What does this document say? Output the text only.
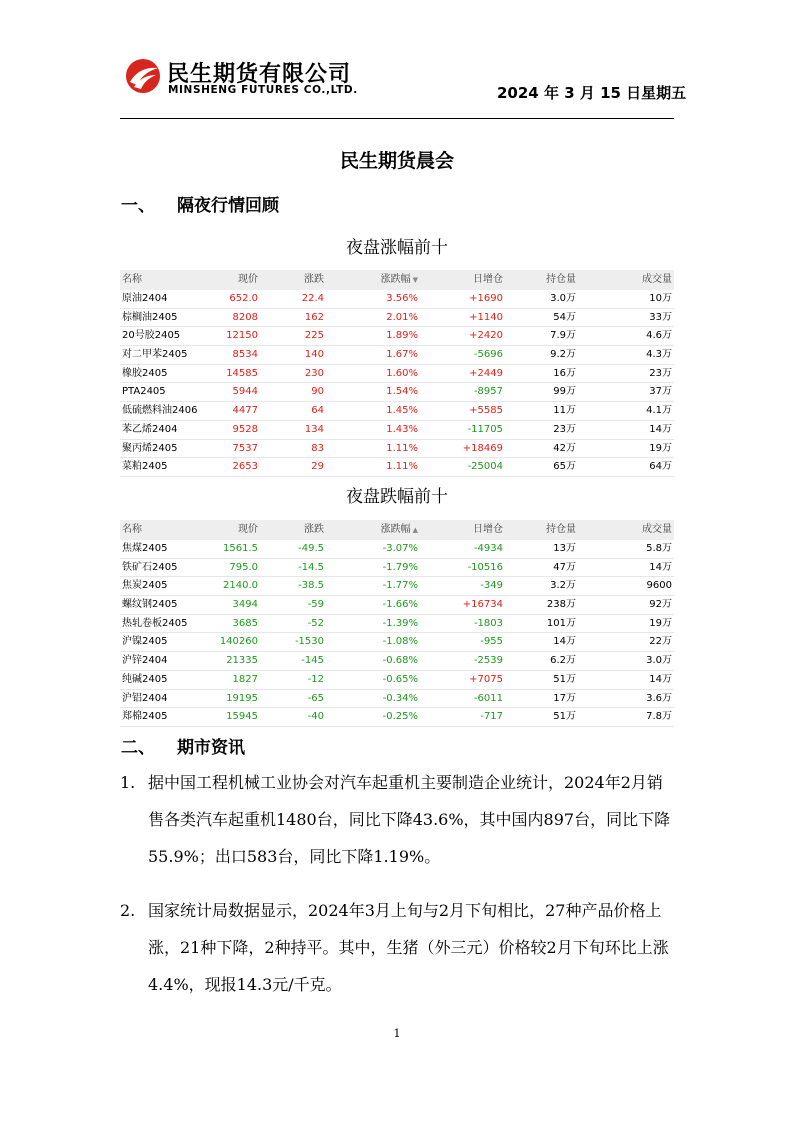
民生期货有限公司
MINSHENG FUTURES CO.,LTD.	2024 年 3 月 15 日星期五
民生期货晨会
一、 隔夜行情回顾
夜盘涨幅前十
名称	现价	涨跌	涨跌幅 ▼	日增仓	持仓量	成交量
原油2404	652.0	22.4	3.56%	+1690	3.0万	10万
棕榈油2405	8208	162	2.01%	+1140	54万	33万
20号胶2405	12150	225	1.89%	+2420	7.9万	4.6万
对二甲苯2405	8534	140	1.67%	-5696	9.2万	4.3万
橡胶2405	14585	230	1.60%	+2449	16万	23万
PTA2405	5944	90	1.54%	-8957	99万	37万
低硫燃料油2406	4477	64	1.45%	+5585	11万	4.1万
苯乙烯2404	9528	134	1.43%	-11705	23万	14万
聚丙烯2405	7537	83	1.11%	+18469	42万	19万
菜粕2405	2653	29	1.11%	-25004	65万	64万
夜盘跌幅前十
名称	现价	涨跌	涨跌幅 ▲	日增仓	持仓量	成交量
焦煤2405	1561.5	-49.5	-3.07%	-4934	13万	5.8万
铁矿石2405	795.0	-14.5	-1.79%	-10516	47万	14万
焦炭2405	2140.0	-38.5	-1.77%	-349	3.2万	9600
螺纹钢2405	3494	-59	-1.66%	+16734	238万	92万
热轧卷板2405	3685	-52	-1.39%	-1803	101万	19万
沪镍2405	140260	-1530	-1.08%	-955	14万	22万
沪锌2404	21335	-145	-0.68%	-2539	6.2万	3.0万
纯碱2405	1827	-12	-0.65%	+7075	51万	14万
沪铝2404	19195	-65	-0.34%	-6011	17万	3.6万
郑棉2405	15945	-40	-0.25%	-717	51万	7.8万
二、 期市资讯
1. 据中国工程机械工业协会对汽车起重机主要制造企业统计，2024年2月销售各类汽车起重机1480台，同比下降43.6%，其中国内897台，同比下降55.9%；出口583台，同比下降1.19%。
2. 国家统计局数据显示，2024年3月上旬与2月下旬相比，27种产品价格上涨，21种下降，2种持平。其中，生猪（外三元）价格较2月下旬环比上涨4.4%，现报14.3元/千克。
1
